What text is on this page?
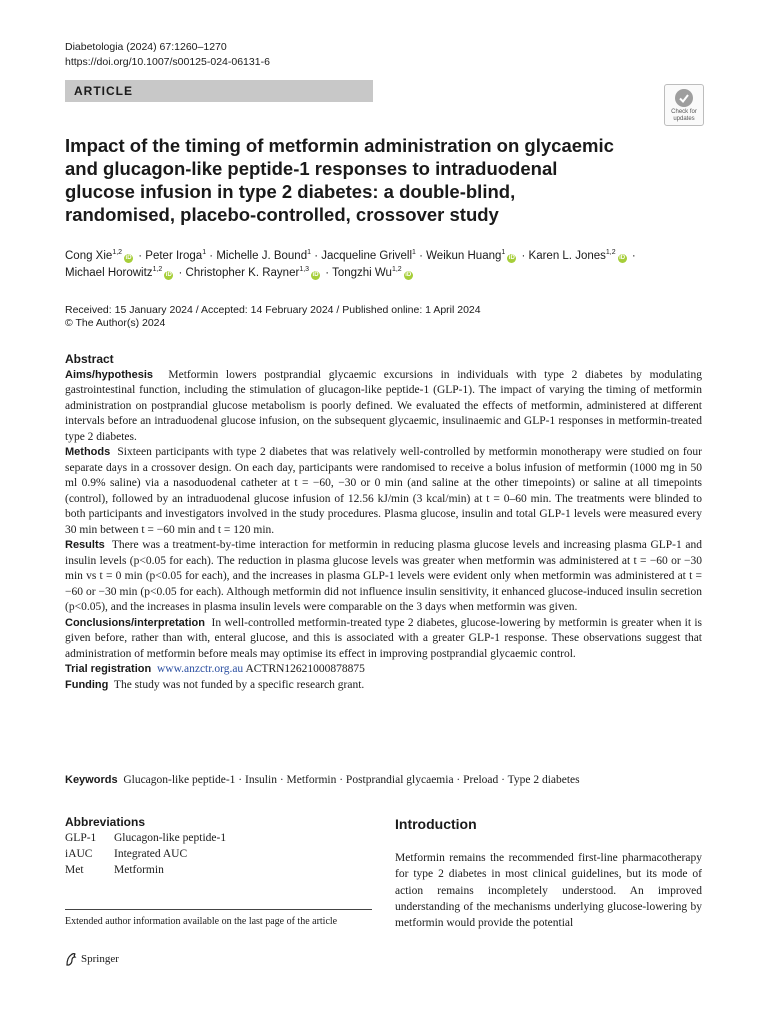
Diabetologia (2024) 67:1260–1270
https://doi.org/10.1007/s00125-024-06131-6
ARTICLE
Check for
updates
Impact of the timing of metformin administration on glycaemic and glucagon-like peptide-1 responses to intraduodenal glucose infusion in type 2 diabetes: a double-blind, randomised, placebo-controlled, crossover study
Cong Xie$^{1,2}$iD · Peter Iroga$^1$ · Michelle J. Bound$^1$ · Jacqueline Grivell$^1$ · Weikun Huang$^1$iD · Karen L. Jones$^{1,2}$iD ·
Michael Horowitz$^{1,2}$iD · Christopher K. Rayner$^{1,3}$iD · Tongzhi Wu$^{1,2}$iD
Received: 15 January 2024 / Accepted: 14 February 2024 / Published online: 1 April 2024
© The Author(s) 2024
Abstract

Aims/hypothesis Metformin lowers postprandial glycaemic excursions in individuals with type 2 diabetes by modulating gastrointestinal function, including the stimulation of glucagon-like peptide-1 (GLP-1). The impact of varying the timing of metformin administration on postprandial glucose metabolism is poorly defined. We evaluated the effects of metformin, administered at different intervals before an intraduodenal glucose infusion, on the subsequent glycaemic, insulinaemic and GLP-1 responses in metformin-treated type 2 diabetes.

Methods Sixteen participants with type 2 diabetes that was relatively well-controlled by metformin monotherapy were studied on four separate days in a crossover design. On each day, participants were randomised to receive a bolus infusion of metformin (1000 mg in 50 ml 0.9% saline) via a nasoduodenal catheter at t = −60, −30 or 0 min (and saline at the other timepoints) or saline at all timepoints (control), followed by an intraduodenal glucose infusion of 12.56 kJ/min (3 kcal/min) at t = 0–60 min. The treatments were blinded to both participants and investigators involved in the study procedures. Plasma glucose, insulin and total GLP-1 levels were measured every 30 min between t = −60 min and t = 120 min.

Results There was a treatment-by-time interaction for metformin in reducing plasma glucose levels and increasing plasma GLP-1 and insulin levels (p<0.05 for each). The reduction in plasma glucose levels was greater when metformin was administered at t = −60 or −30 min vs t = 0 min (p<0.05 for each), and the increases in plasma GLP-1 levels were evident only when metformin was administered at t = −60 or −30 min (p<0.05 for each). Although metformin did not influence insulin sensitivity, it enhanced glucose-induced insulin secretion (p<0.05), and the increases in plasma insulin levels were comparable on the 3 days when metformin was given.

Conclusions/interpretation In well-controlled metformin-treated type 2 diabetes, glucose-lowering by metformin is greater when it is given before, rather than with, enteral glucose, and this is associated with a greater GLP-1 response. These observations suggest that administration of metformin before meals may optimise its effect in improving postprandial glycaemic control.

Trial registration www.anzctr.org.au ACTRN12621000878875

Funding The study was not funded by a specific research grant.

Keywords Glucagon-like peptide-1 · Insulin · Metformin · Postprandial glycaemia · Preload · Type 2 diabetes
Abbreviations
GLP-1	Glucagon-like peptide-1
iAUC	Integrated AUC
Met	Metformin
Extended author information available on the last page of the article
Introduction
Metformin remains the recommended first-line pharmacotherapy for type 2 diabetes in most clinical guidelines, but its mode of action remains incompletely understood. An improved understanding of the mechanisms underlying glucose-lowering by metformin would provide the potential
Springer
